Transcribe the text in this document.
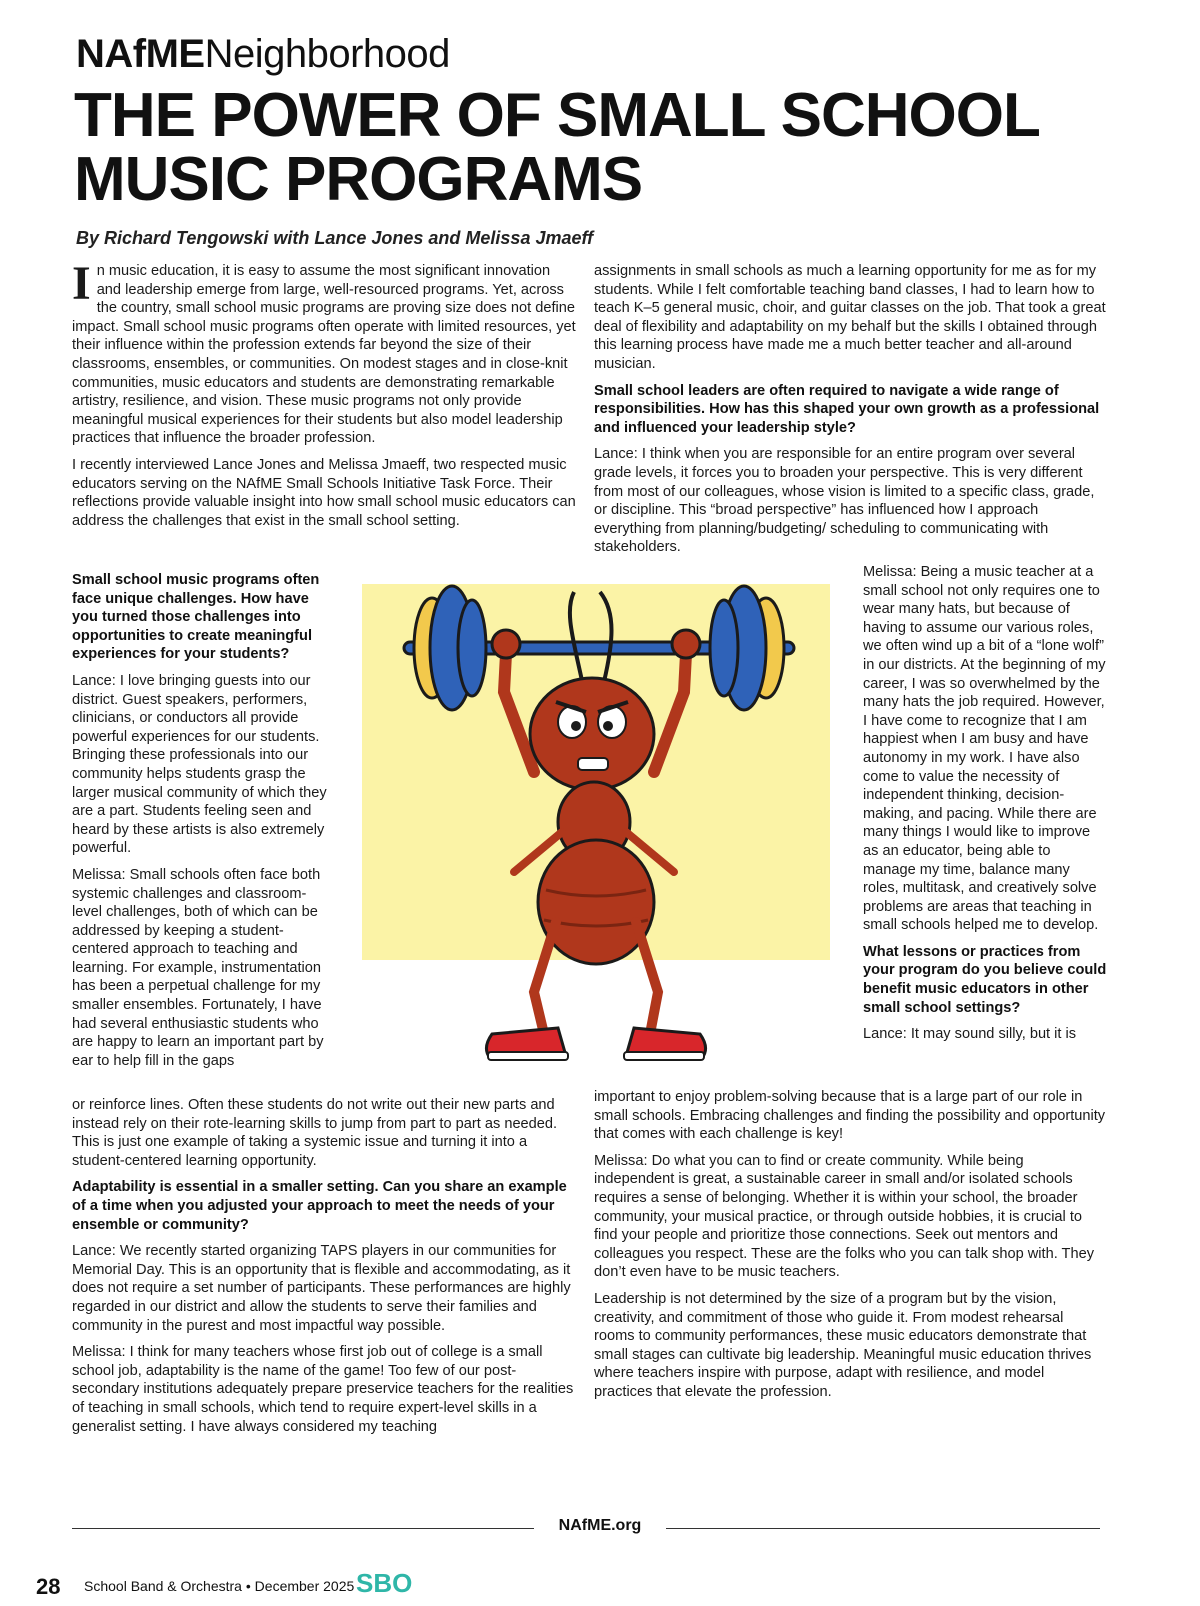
NAfMENeighborhood
THE POWER OF SMALL SCHOOL MUSIC PROGRAMS
By Richard Tengowski with Lance Jones and Melissa Jmaeff

In music education, it is easy to assume the most significant innovation and leadership emerge from large, well-resourced programs. Yet, across the country, small school music programs are proving size does not define impact. Small school music programs often operate with limited resources, yet their influence within the profession extends far beyond the size of their classrooms, ensembles, or communities. On modest stages and in close-knit communities, music educators and students are demonstrating remarkable artistry, resilience, and vision. These music programs not only provide meaningful musical experiences for their students but also model leadership practices that influence the broader profession.

I recently interviewed Lance Jones and Melissa Jmaeff, two respected music educators serving on the NAfME Small Schools Initiative Task Force. Their reflections provide valuable insight into how small school music educators can address the challenges that exist in the small school setting.

Small school music programs often face unique challenges. How have you turned those challenges into opportunities to create meaningful experiences for your students?

Lance: I love bringing guests into our district. Guest speakers, performers, clinicians, or conductors all provide powerful experiences for our students. Bringing these professionals into our community helps students grasp the larger musical community of which they are a part. Students feeling seen and heard by these artists is also extremely powerful.

Melissa: Small schools often face both systemic challenges and classroom-level challenges, both of which can be addressed by keeping a student-centered approach to teaching and learning. For example, instrumentation has been a perpetual challenge for my smaller ensembles. Fortunately, I have had several enthusiastic students who are happy to learn an important part by ear to help fill in the gaps

or reinforce lines. Often these students do not write out their new parts and instead rely on their rote-learning skills to jump from part to part as needed. This is just one example of taking a systemic issue and turning it into a student-centered learning opportunity.

Adaptability is essential in a smaller setting. Can you share an example of a time when you adjusted your approach to meet the needs of your ensemble or community?

Lance: We recently started organizing TAPS players in our communities for Memorial Day. This is an opportunity that is flexible and accommodating, as it does not require a set number of participants. These performances are highly regarded in our district and allow the students to serve their families and community in the purest and most impactful way possible.

Melissa: I think for many teachers whose first job out of college is a small school job, adaptability is the name of the game! Too few of our post-secondary institutions adequately prepare preservice teachers for the realities of teaching in small schools, which tend to require expert-level skills in a generalist setting. I have always considered my teaching

assignments in small schools as much a learning opportunity for me as for my students. While I felt comfortable teaching band classes, I had to learn how to teach K–5 general music, choir, and guitar classes on the job. That took a great deal of flexibility and adaptability on my behalf but the skills I obtained through this learning process have made me a much better teacher and all-around musician.

Small school leaders are often required to navigate a wide range of responsibilities. How has this shaped your own growth as a professional and influenced your leadership style?

Lance: I think when you are responsible for an entire program over several grade levels, it forces you to broaden your perspective. This is very different from most of our colleagues, whose vision is limited to a specific class, grade, or discipline. This “broad perspective” has influenced how I approach everything from planning/budgeting/ scheduling to communicating with stakeholders.

Melissa: Being a music teacher at a small school not only requires one to wear many hats, but because of having to assume our various roles, we often wind up a bit of a “lone wolf” in our districts. At the beginning of my career, I was so overwhelmed by the many hats the job required. However, I have come to recognize that I am happiest when I am busy and have autonomy in my work. I have also come to value the necessity of independent thinking, decision-making, and pacing. While there are many things I would like to improve as an educator, being able to manage my time, balance many roles, multitask, and creatively solve problems are areas that teaching in small schools helped me to develop.

What lessons or practices from your program do you believe could benefit music educators in other small school settings?

Lance: It may sound silly, but it is

important to enjoy problem-solving because that is a large part of our role in small schools. Embracing challenges and finding the possibility and opportunity that comes with each challenge is key!

Melissa: Do what you can to find or create community. While being independent is great, a sustainable career in small and/or isolated schools requires a sense of belonging. Whether it is within your school, the broader community, your musical practice, or through outside hobbies, it is crucial to find your people and prioritize those connections. Seek out mentors and colleagues you respect. These are the folks who you can talk shop with. They don’t even have to be music teachers.

Leadership is not determined by the size of a program but by the vision, creativity, and commitment of those who guide it. From modest rehearsal rooms to community performances, these music educators demonstrate that small stages can cultivate big leadership. Meaningful music education thrives where teachers inspire with purpose, adapt with resilience, and model practices that elevate the profession.

NAfME.org
28 School Band & Orchestra • December 2025 SBO
